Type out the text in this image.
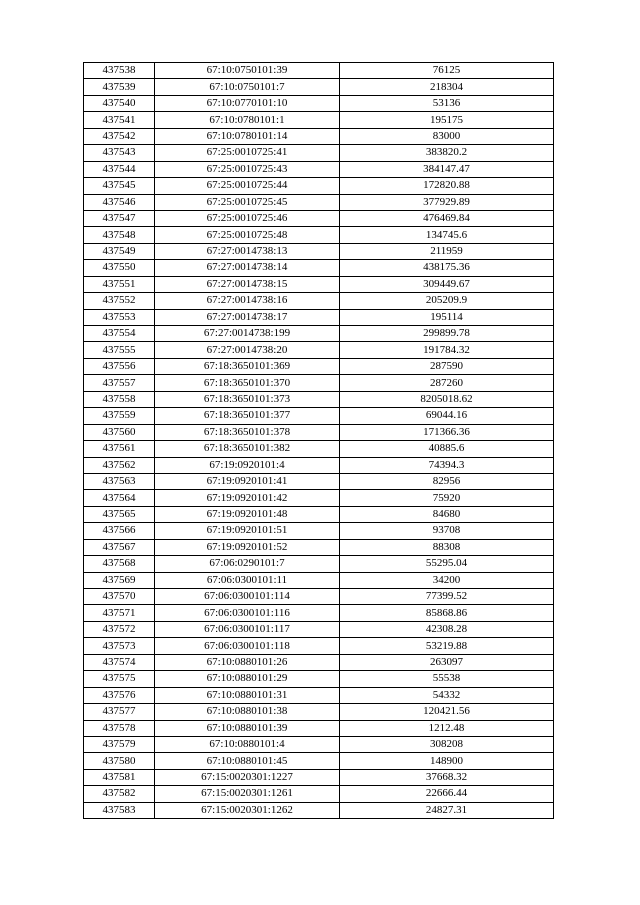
437538	67:10:0750101:39	76125
437539	67:10:0750101:7	218304
437540	67:10:0770101:10	53136
437541	67:10:0780101:1	195175
437542	67:10:0780101:14	83000
437543	67:25:0010725:41	383820.2
437544	67:25:0010725:43	384147.47
437545	67:25:0010725:44	172820.88
437546	67:25:0010725:45	377929.89
437547	67:25:0010725:46	476469.84
437548	67:25:0010725:48	134745.6
437549	67:27:0014738:13	211959
437550	67:27:0014738:14	438175.36
437551	67:27:0014738:15	309449.67
437552	67:27:0014738:16	205209.9
437553	67:27:0014738:17	195114
437554	67:27:0014738:199	299899.78
437555	67:27:0014738:20	191784.32
437556	67:18:3650101:369	287590
437557	67:18:3650101:370	287260
437558	67:18:3650101:373	8205018.62
437559	67:18:3650101:377	69044.16
437560	67:18:3650101:378	171366.36
437561	67:18:3650101:382	40885.6
437562	67:19:0920101:4	74394.3
437563	67:19:0920101:41	82956
437564	67:19:0920101:42	75920
437565	67:19:0920101:48	84680
437566	67:19:0920101:51	93708
437567	67:19:0920101:52	88308
437568	67:06:0290101:7	55295.04
437569	67:06:0300101:11	34200
437570	67:06:0300101:114	77399.52
437571	67:06:0300101:116	85868.86
437572	67:06:0300101:117	42308.28
437573	67:06:0300101:118	53219.88
437574	67:10:0880101:26	263097
437575	67:10:0880101:29	55538
437576	67:10:0880101:31	54332
437577	67:10:0880101:38	120421.56
437578	67:10:0880101:39	1212.48
437579	67:10:0880101:4	308208
437580	67:10:0880101:45	148900
437581	67:15:0020301:1227	37668.32
437582	67:15:0020301:1261	22666.44
437583	67:15:0020301:1262	24827.31
